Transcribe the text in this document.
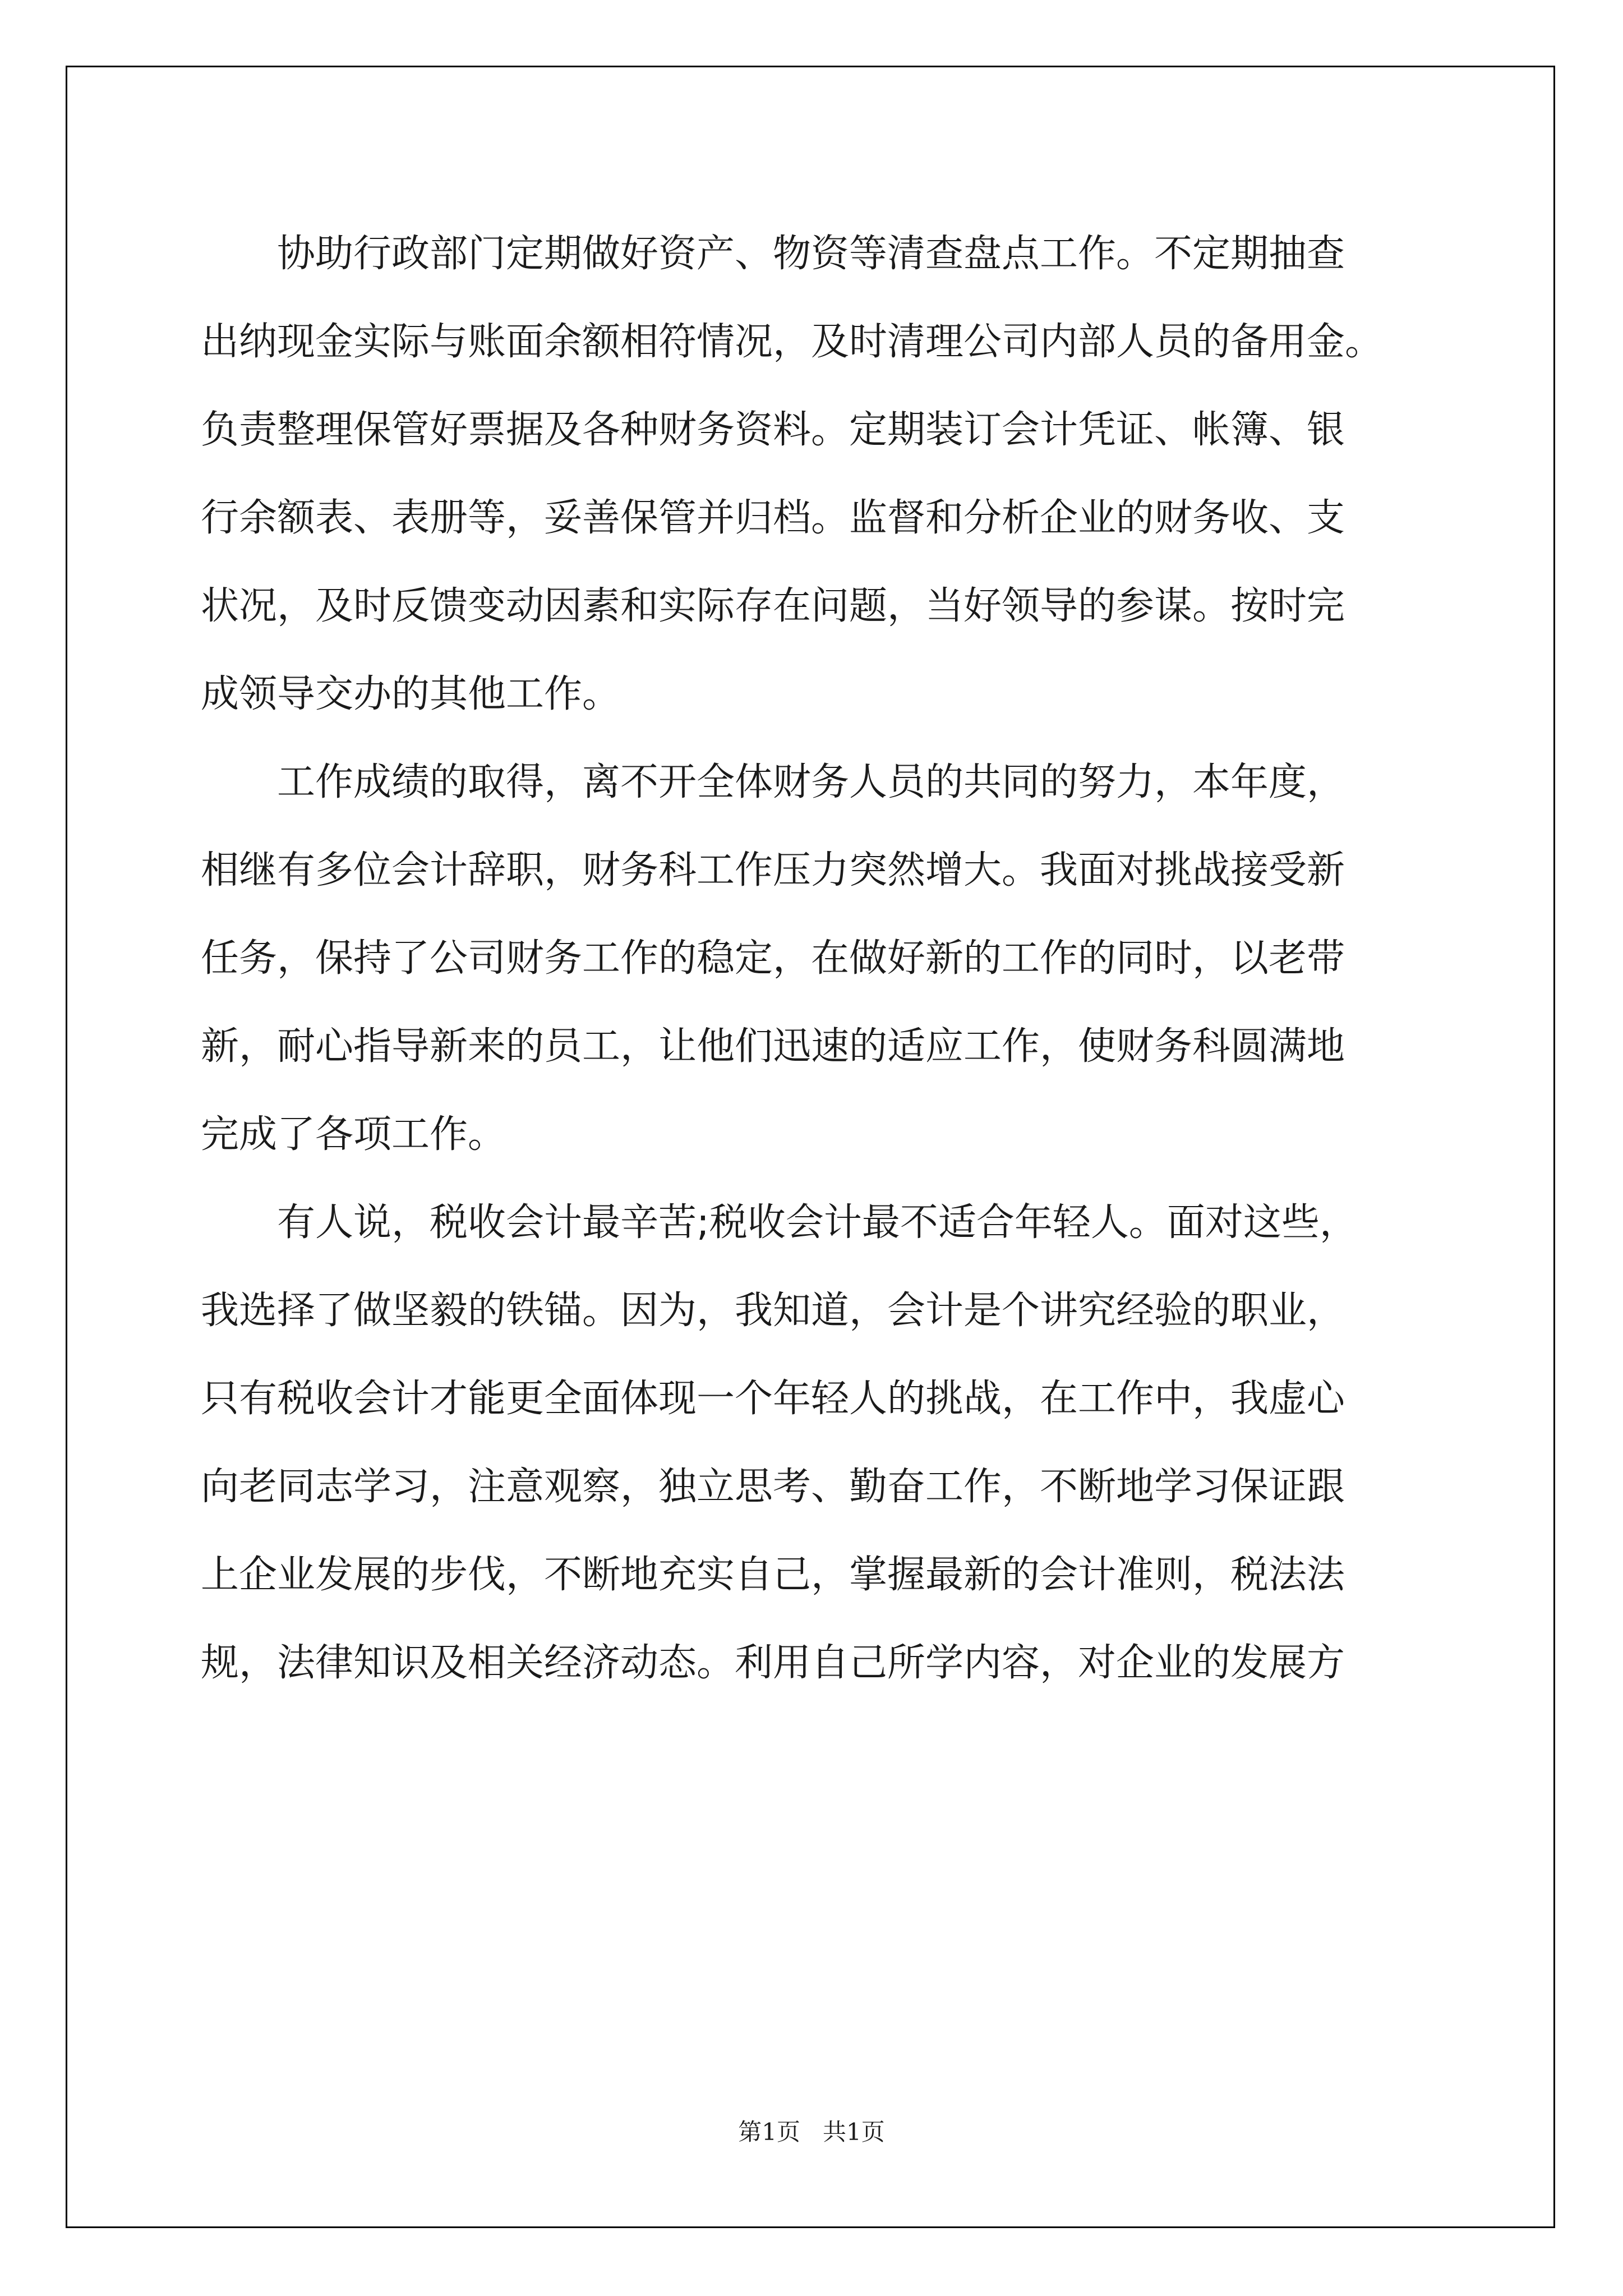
协助行政部门定期做好资产、物资等清查盘点工作。不定期抽查
出纳现金实际与账面余额相符情况，及时清理公司内部人员的备用金。
负责整理保管好票据及各种财务资料。定期装订会计凭证、帐簿、银
行余额表、表册等，妥善保管并归档。监督和分析企业的财务收、支
状况，及时反馈变动因素和实际存在问题，当好领导的参谋。按时完
成领导交办的其他工作。
工作成绩的取得，离不开全体财务人员的共同的努力，本年度，
相继有多位会计辞职，财务科工作压力突然增大。我面对挑战接受新
任务，保持了公司财务工作的稳定，在做好新的工作的同时，以老带
新，耐心指导新来的员工，让他们迅速的适应工作，使财务科圆满地
完成了各项工作。
有人说，税收会计最辛苦;税收会计最不适合年轻人。面对这些，
我选择了做坚毅的铁锚。因为，我知道，会计是个讲究经验的职业，
只有税收会计才能更全面体现一个年轻人的挑战，在工作中，我虚心
向老同志学习，注意观察，独立思考、勤奋工作，不断地学习保证跟
上企业发展的步伐，不断地充实自己，掌握最新的会计准则，税法法
规，法律知识及相关经济动态。利用自己所学内容，对企业的发展方
第1页 共1页
